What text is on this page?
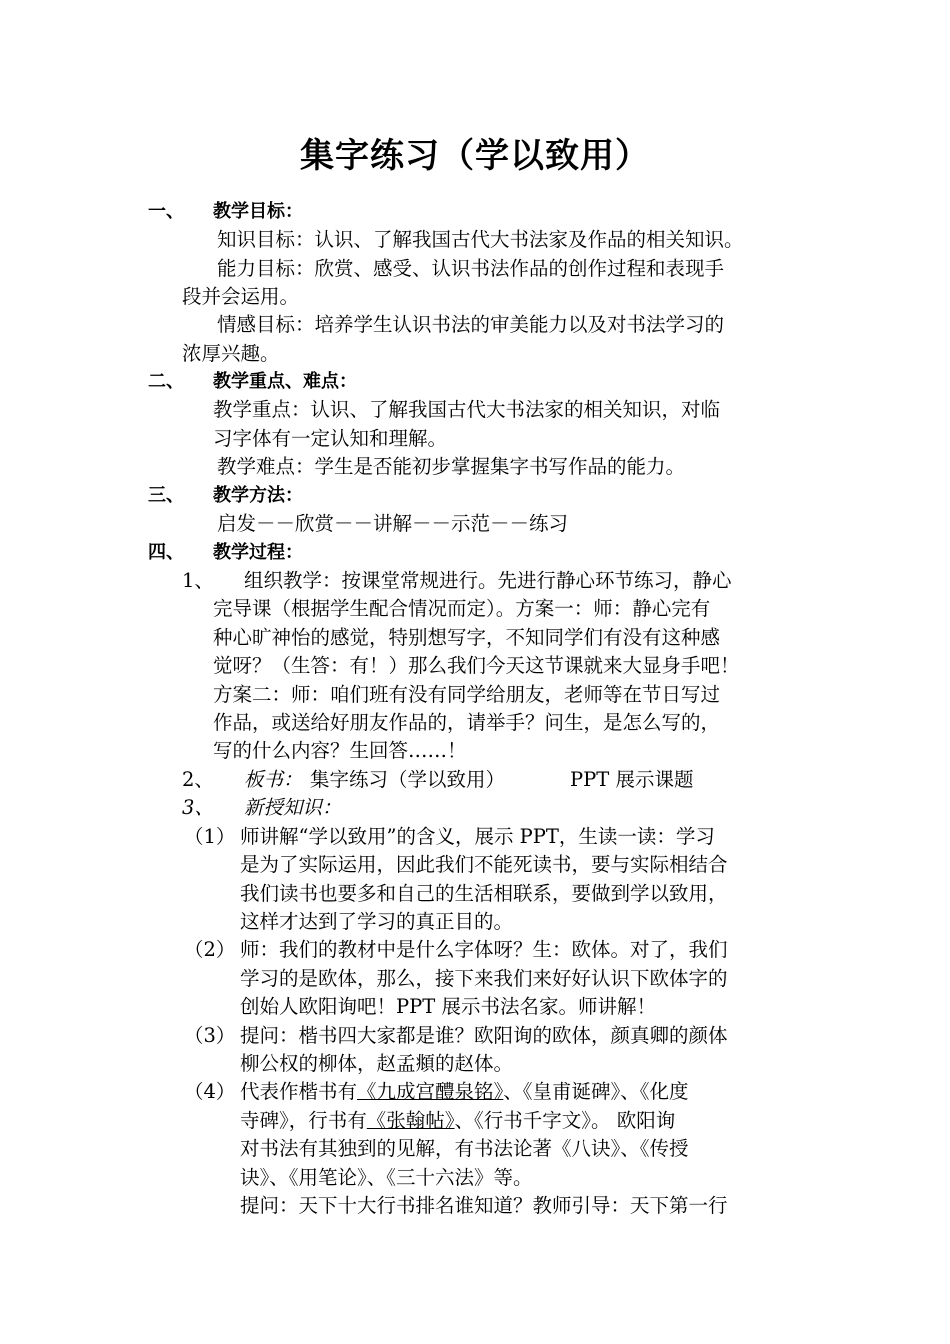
集字练习（学以致用）
一、 教学目标：
知识目标：认识、了解我国古代大书法家及作品的相关知识。
能力目标：欣赏、感受、认识书法作品的创作过程和表现手
段并会运用。
情感目标：培养学生认识书法的审美能力以及对书法学习的
浓厚兴趣。
二、 教学重点、难点：
教学重点：认识、了解我国古代大书法家的相关知识，对临
习字体有一定认知和理解。
教学难点：学生是否能初步掌握集字书写作品的能力。
三、 教学方法：
启发－－欣赏－－讲解－－示范－－练习
四、 教学过程：
1、 组织教学：按课堂常规进行。先进行静心环节练习，静心
完导课（根据学生配合情况而定）。方案一：师：静心完有
种心旷神怡的感觉，特别想写字，不知同学们有没有这种感
觉呀？（生答：有！）那么我们今天这节课就来大显身手吧！
方案二：师：咱们班有没有同学给朋友，老师等在节日写过
作品，或送给好朋友作品的，请举手？问生，是怎么写的，
写的什么内容？生回答……！
2、 板书： 集字练习（学以致用）	PPT 展示课题
3、 新授知识：
（1） 师讲解“学以致用”的含义，展示 PPT，生读一读：学习
是为了实际运用，因此我们不能死读书，要与实际相结合
我们读书也要多和自己的生活相联系，要做到学以致用，
这样才达到了学习的真正目的。
（2） 师：我们的教材中是什么字体呀？生：欧体。对了，我们
学习的是欧体，那么，接下来我们来好好认识下欧体字的
创始人欧阳询吧！PPT 展示书法名家。师讲解！
（3） 提问：楷书四大家都是谁？欧阳询的欧体，颜真卿的颜体
柳公权的柳体，赵孟頫的赵体。
（4） 代表作楷书有《九成宫醴泉铭》、《皇甫诞碑》、《化度
寺碑》，行书有《张翰帖》、《行书千字文》。 欧阳询
对书法有其独到的见解，有书法论著《八诀》、《传授
诀》、《用笔论》、《三十六法》等。
提问：天下十大行书排名谁知道？教师引导：天下第一行
